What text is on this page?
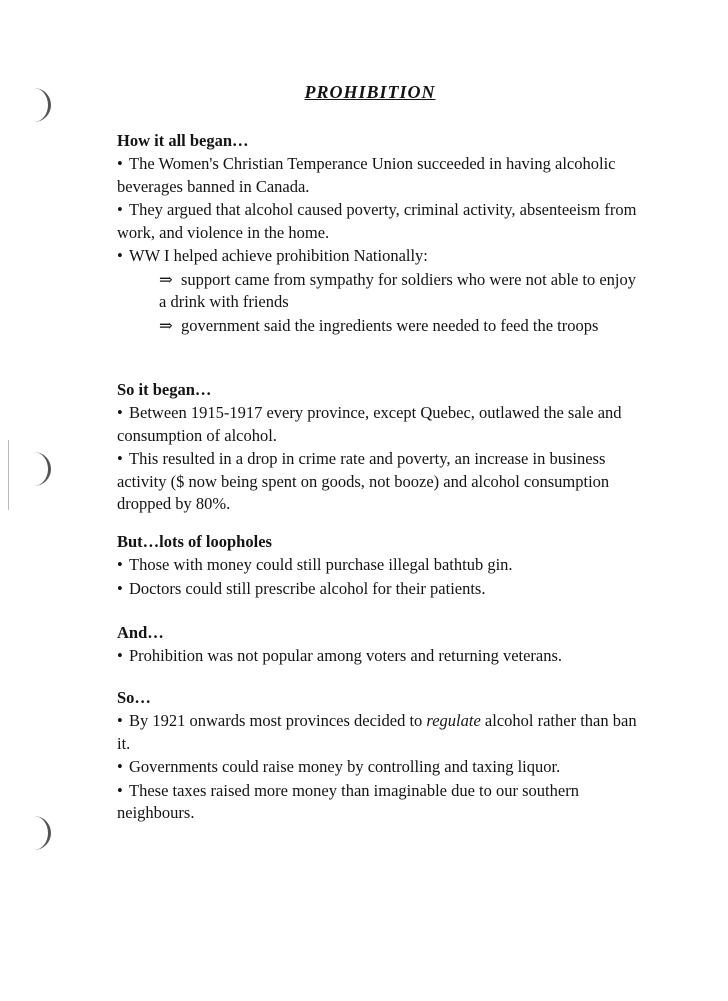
PROHIBITION
How it all began…
• The Women's Christian Temperance Union succeeded in having alcoholic beverages banned in Canada.
• They argued that alcohol caused poverty, criminal activity, absenteeism from work, and violence in the home.
• WW I helped achieve prohibition Nationally:
⇒ support came from sympathy for soldiers who were not able to enjoy a drink with friends
⇒ government said the ingredients were needed to feed the troops
So it began…
• Between 1915-1917 every province, except Quebec, outlawed the sale and consumption of alcohol.
• This resulted in a drop in crime rate and poverty, an increase in business activity ($ now being spent on goods, not booze) and alcohol consumption dropped by 80%.
But…lots of loopholes
• Those with money could still purchase illegal bathtub gin.
• Doctors could still prescribe alcohol for their patients.
And…
• Prohibition was not popular among voters and returning veterans.
So…
• By 1921 onwards most provinces decided to regulate alcohol rather than ban it.
• Governments could raise money by controlling and taxing liquor.
• These taxes raised more money than imaginable due to our southern neighbours.
